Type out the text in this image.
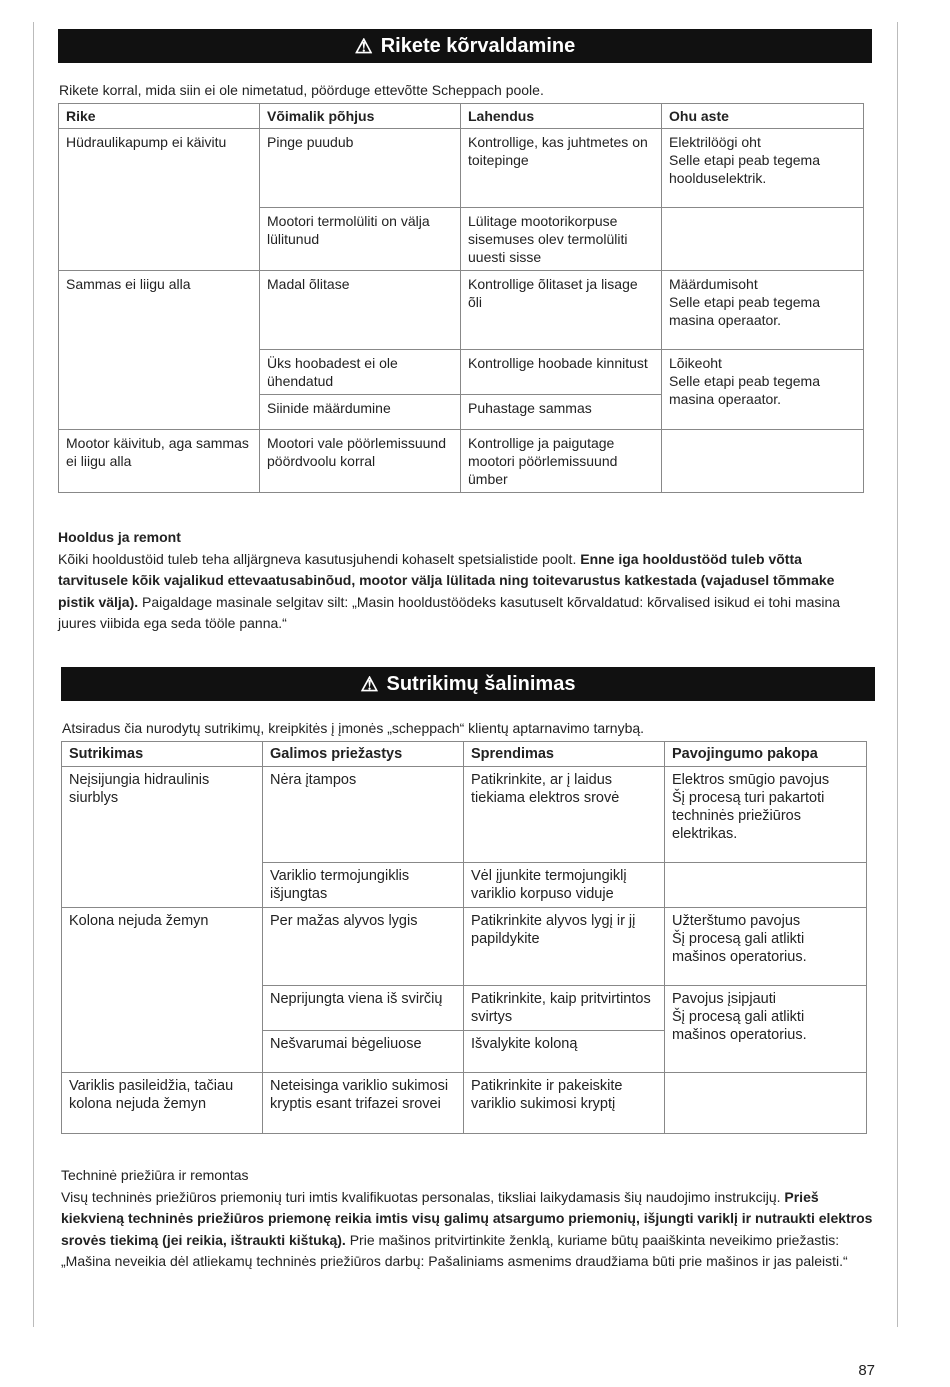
⚠ Rikete kõrvaldamine
Rikete korral, mida siin ei ole nimetatud, pöörduge ettevõtte Scheppach poole.
Rike	Võimalik põhjus	Lahendus	Ohu aste
Hüdraulikapump ei käivitu	Pinge puudub	Kontrollige, kas juhtmetes on toitepinge	Elektrilöögi oht
Selle etapi peab tegema hoolduselektrik.
	Mootori termolüliti on välja lülitunud	Lülitage mootorikorpuse sisemuses olev termolüliti uuesti sisse	
Sammas ei liigu alla	Madal õlitase	Kontrollige õlitaset ja lisage õli	Määrdumisoht
Selle etapi peab tegema masina operaator.
	Üks hoobadest ei ole ühendatud	Kontrollige hoobade kinnitust	Lõikeoht
Selle etapi peab tegema masina operaator.
	Siinide määrdumine	Puhastage sammas	
Mootor käivitub, aga sammas ei liigu alla	Mootori vale pöörlemissuund pöördvoolu korral	Kontrollige ja paigutage mootori pöörlemissuund ümber	
Hooldus ja remont
Kõiki hooldustöid tuleb teha alljärgneva kasutusjuhendi kohaselt spetsialistide poolt. Enne iga hooldustööd tuleb võtta tarvitusele kõik vajalikud ettevaatusabinõud, mootor välja lülitada ning toitevarustus katkestada (vajadusel tõmmake pistik välja). Paigaldage masinale selgitav silt: „Masin hooldustöödeks kasutuselt kõrvaldatud: kõrvalised isikud ei tohi masina juures viibida ega seda tööle panna.“
⚠ Sutrikimų šalinimas
Atsiradus čia nurodytų sutrikimų, kreipkitės į įmonės „scheppach“ klientų aptarnavimo tarnybą.
Sutrikimas	Galimos priežastys	Sprendimas	Pavojingumo pakopa
Neįsijungia hidraulinis siurblys	Nėra įtampos	Patikrinkite, ar į laidus tiekiama elektros srovė	Elektros smūgio pavojus
Šį procesą turi pakartoti techninės priežiūros elektrikas.
	Variklio termojungiklis išjungtas	Vėl įjunkite termojungiklį variklio korpuso viduje	
Kolona nejuda žemyn	Per mažas alyvos lygis	Patikrinkite alyvos lygį ir jį papildykite	Užterštumo pavojus
Šį procesą gali atlikti mašinos operatorius.
	Neprijungta viena iš svirčių	Patikrinkite, kaip pritvirtintos svirtys	Pavojus įsipjauti
Šį procesą gali atlikti mašinos operatorius.
	Nešvarumai bėgeliuose	Išvalykite koloną	
Variklis pasileidžia, tačiau kolona nejuda žemyn	Neteisinga variklio sukimosi kryptis esant trifazei srovei	Patikrinkite ir pakeiskite variklio sukimosi kryptį	
Techninė priežiūra ir remontas
Visų techninės priežiūros priemonių turi imtis kvalifikuotas personalas, tiksliai laikydamasis šių naudojimo instrukcijų. Prieš kiekvieną techninės priežiūros priemonę reikia imtis visų galimų atsargumo priemonių, išjungti variklį ir nutraukti elektros srovės tiekimą (jei reikia, ištraukti kištuką). Prie mašinos pritvirtinkite ženklą, kuriame būtų paaiškinta neveikimo priežastis: „Mašina neveikia dėl atliekamų techninės priežiūros darbų: Pašaliniams asmenims draudžiama būti prie mašinos ir jas paleisti.“
87
